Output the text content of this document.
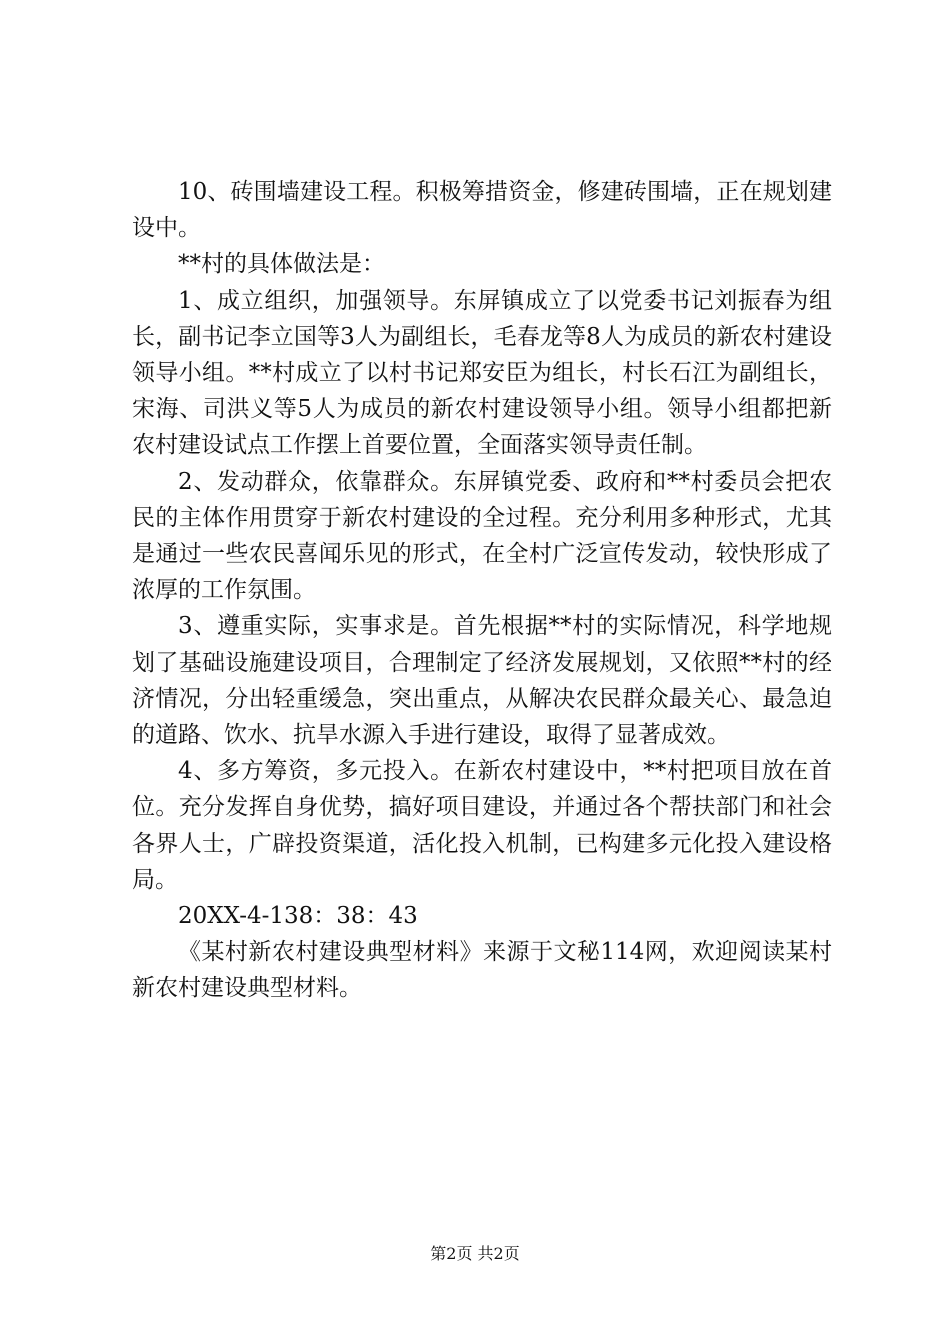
10、砖围墙建设工程。积极筹措资金，修建砖围墙，正在规划建设中。

**村的具体做法是：

1、成立组织，加强领导。东屏镇成立了以党委书记刘振春为组长，副书记李立国等3人为副组长，毛春龙等8人为成员的新农村建设领导小组。**村成立了以村书记郑安臣为组长，村长石江为副组长，宋海、司洪义等5人为成员的新农村建设领导小组。领导小组都把新农村建设试点工作摆上首要位置，全面落实领导责任制。

2、发动群众，依靠群众。东屏镇党委、政府和**村委员会把农民的主体作用贯穿于新农村建设的全过程。充分利用多种形式，尤其是通过一些农民喜闻乐见的形式，在全村广泛宣传发动，较快形成了浓厚的工作氛围。

3、遵重实际，实事求是。首先根据**村的实际情况，科学地规划了基础设施建设项目，合理制定了经济发展规划，又依照**村的经济情况，分出轻重缓急，突出重点，从解决农民群众最关心、最急迫的道路、饮水、抗旱水源入手进行建设，取得了显著成效。

4、多方筹资，多元投入。在新农村建设中，**村把项目放在首位。充分发挥自身优势，搞好项目建设，并通过各个帮扶部门和社会各界人士，广辟投资渠道，活化投入机制，已构建多元化投入建设格局。

20XX-4-138：38：43

《某村新农村建设典型材料》来源于文秘114网，欢迎阅读某村新农村建设典型材料。

第2页 共2页
